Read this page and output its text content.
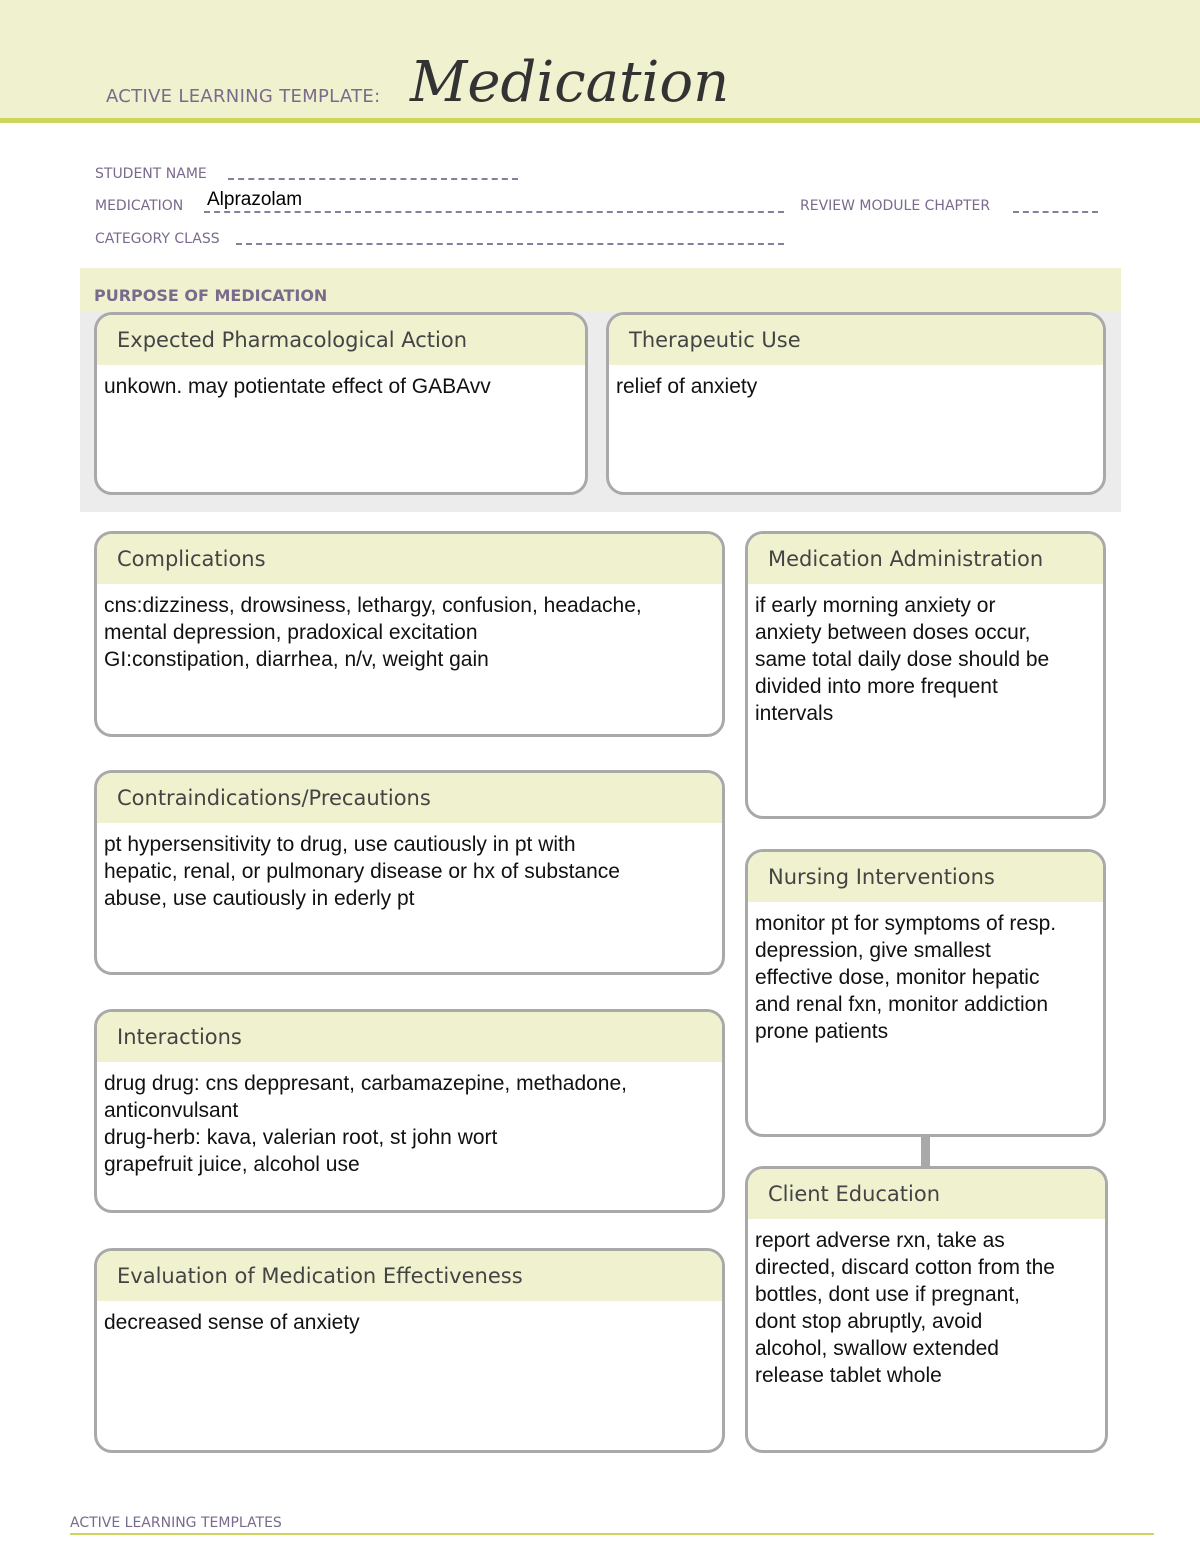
ACTIVE LEARNING TEMPLATE: Medication
STUDENT NAME
MEDICATION Alprazolam	REVIEW MODULE CHAPTER
CATEGORY CLASS
PURPOSE OF MEDICATION
Expected Pharmacological Action
unkown. may potientate effect of GABAvv
Therapeutic Use
relief of anxiety
Complications
cns:dizziness, drowsiness, lethargy, confusion, headache,
mental depression, pradoxical excitation
GI:constipation, diarrhea, n/v, weight gain
Medication Administration
if early morning anxiety or
anxiety between doses occur,
same total daily dose should be
divided into more frequent
intervals
Contraindications/Precautions
pt hypersensitivity to drug, use cautiously in pt with
hepatic, renal, or pulmonary disease or hx of substance
abuse, use cautiously in ederly pt
Nursing Interventions
monitor pt for symptoms of resp.
depression, give smallest
effective dose, monitor hepatic
and renal fxn, monitor addiction
prone patients
Interactions
drug drug: cns deppresant, carbamazepine, methadone,
anticonvulsant
drug-herb: kava, valerian root, st john wort
grapefruit juice, alcohol use
Client Education
report adverse rxn, take as
directed, discard cotton from the
bottles, dont use if pregnant,
dont stop abruptly, avoid
alcohol, swallow extended
release tablet whole
Evaluation of Medication Effectiveness
decreased sense of anxiety
ACTIVE LEARNING TEMPLATES
